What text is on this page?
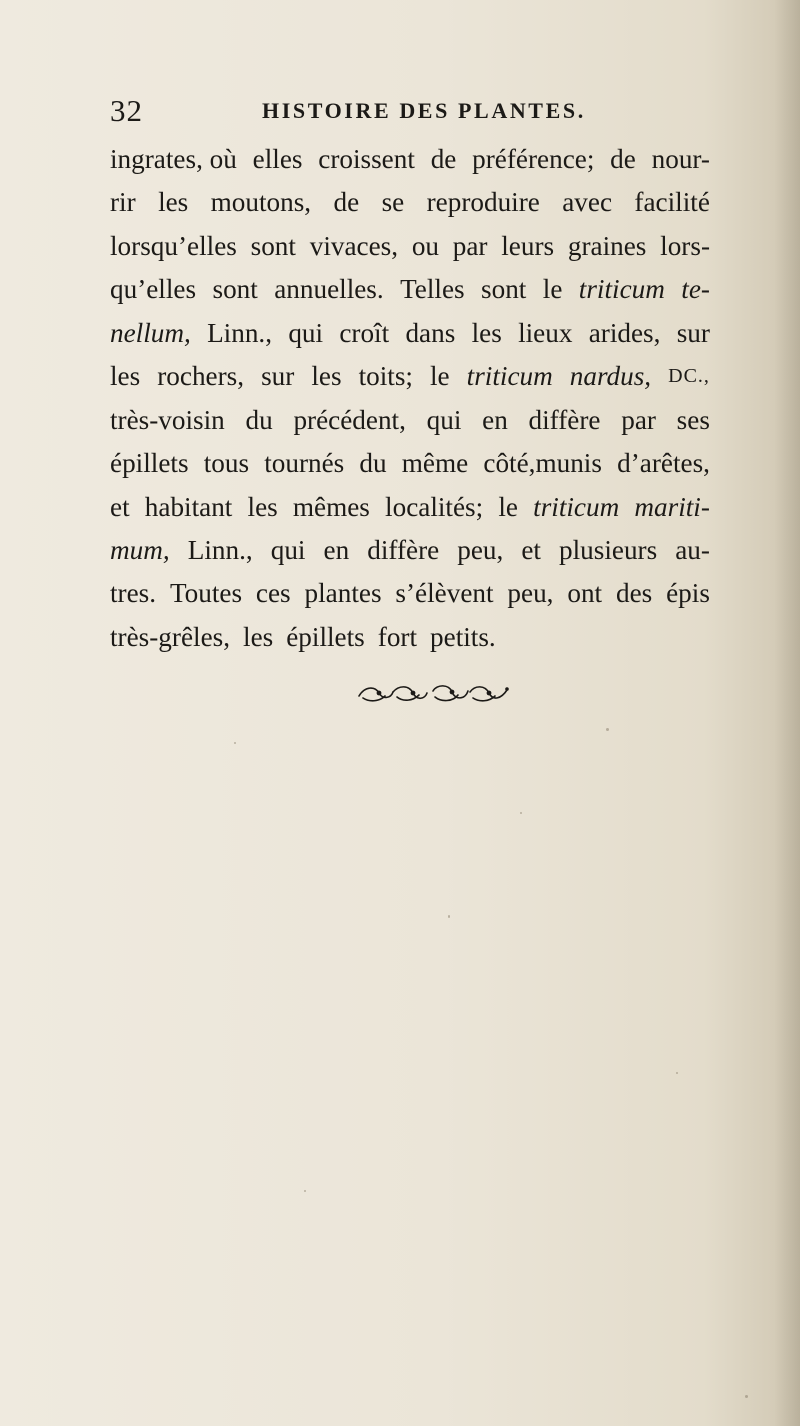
32	HISTOIRE DES PLANTES.
ingrates, où elles croissent de préférence; de nour-
rir les moutons, de se reproduire avec facilité
lorsqu’elles sont vivaces, ou par leurs graines lors-
qu’elles sont annuelles. Telles sont le triticum te-
nellum, Linn., qui croît dans les lieux arides, sur
les rochers, sur les toits; le triticum nardus, DC.,
très-voisin du précédent, qui en diffère par ses
épillets tous tournés du même côté,munis d’arêtes,
et habitant les mêmes localités; le triticum mariti-
mum, Linn., qui en diffère peu, et plusieurs au-
tres. Toutes ces plantes s’élèvent peu, ont des épis
très-grêles, les épillets fort petits.
